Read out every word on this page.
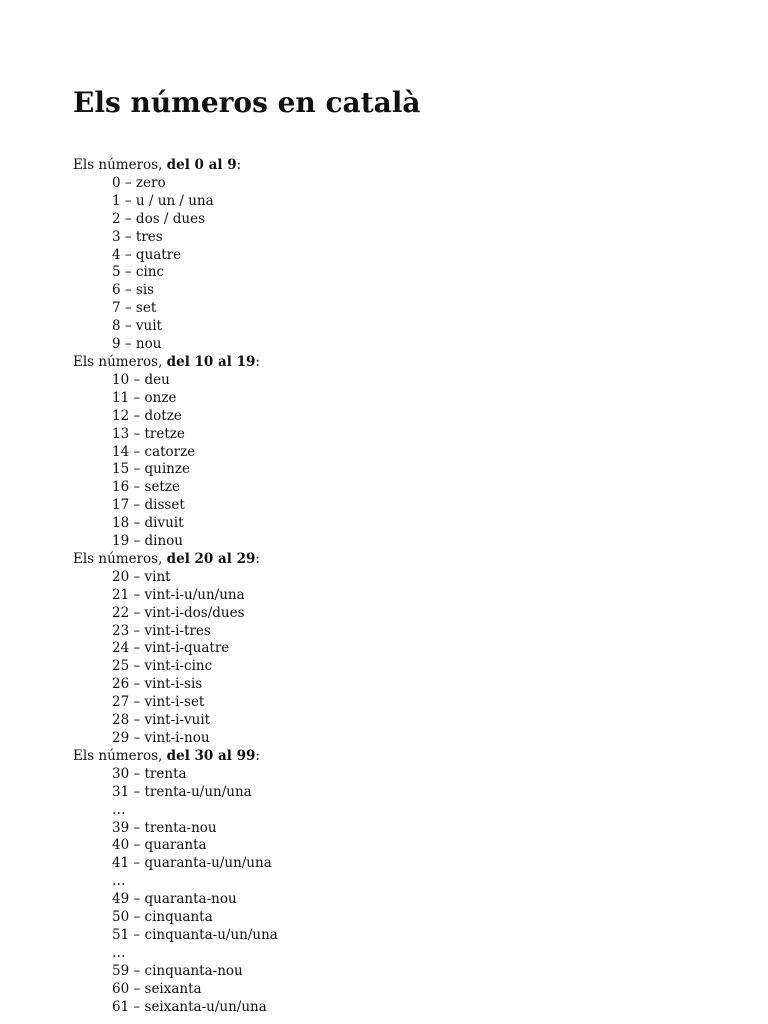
Els números en català
Els números, del 0 al 9:
0 – zero
1 – u / un / una
2 – dos / dues
3 – tres
4 – quatre
5 – cinc
6 – sis
7 – set
8 – vuit
9 – nou
Els números, del 10 al 19:
10 – deu
11 – onze
12 – dotze
13 – tretze
14 – catorze
15 – quinze
16 – setze
17 – disset
18 – divuit
19 – dinou
Els números, del 20 al 29:
20 – vint
21 – vint-i-u/un/una
22 – vint-i-dos/dues
23 – vint-i-tres
24 – vint-i-quatre
25 – vint-i-cinc
26 – vint-i-sis
27 – vint-i-set
28 – vint-i-vuit
29 – vint-i-nou
Els números, del 30 al 99:
30 – trenta
31 – trenta-u/un/una
…
39 – trenta-nou
40 – quaranta
41 – quaranta-u/un/una
…
49 – quaranta-nou
50 – cinquanta
51 – cinquanta-u/un/una
…
59 – cinquanta-nou
60 – seixanta
61 – seixanta-u/un/una
